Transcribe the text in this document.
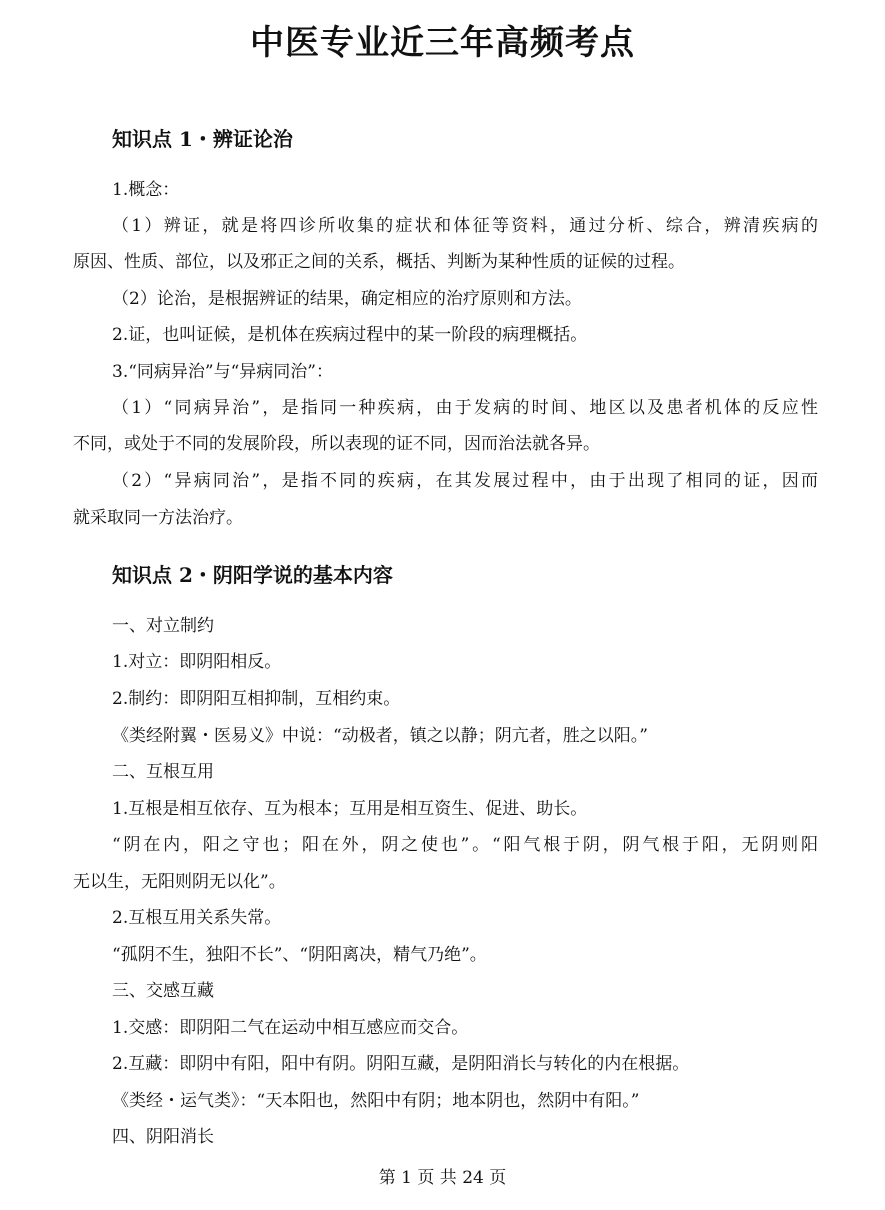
中医专业近三年高频考点
知识点 1・辨证论治
1.概念：
（1）辨证，就是将四诊所收集的症状和体征等资料，通过分析、综合，辨清疾病的
原因、性质、部位，以及邪正之间的关系，概括、判断为某种性质的证候的过程。
（2）论治，是根据辨证的结果，确定相应的治疗原则和方法。
2.证，也叫证候，是机体在疾病过程中的某一阶段的病理概括。
3.“同病异治”与“异病同治”：
（1）“同病异治”，是指同一种疾病，由于发病的时间、地区以及患者机体的反应性
不同，或处于不同的发展阶段，所以表现的证不同，因而治法就各异。
（2）“异病同治”，是指不同的疾病，在其发展过程中，由于出现了相同的证，因而
就采取同一方法治疗。
知识点 2・阴阳学说的基本内容
一、对立制约
1.对立：即阴阳相反。
2.制约：即阴阳互相抑制，互相约束。
《类经附翼・医易义》中说：“动极者，镇之以静；阴亢者，胜之以阳。”
二、互根互用
1.互根是相互依存、互为根本；互用是相互资生、促进、助长。
“阴在内，阳之守也；阳在外，阴之使也”。“阳气根于阴，阴气根于阳，无阴则阳
无以生，无阳则阴无以化”。
2.互根互用关系失常。
“孤阴不生，独阳不长”、“阴阳离决，精气乃绝”。
三、交感互藏
1.交感：即阴阳二气在运动中相互感应而交合。
2.互藏：即阴中有阳，阳中有阴。阴阳互藏，是阴阳消长与转化的内在根据。
《类经・运气类》：“天本阳也，然阳中有阴；地本阴也，然阴中有阳。”
四、阴阳消长
第 1 页 共 24 页
